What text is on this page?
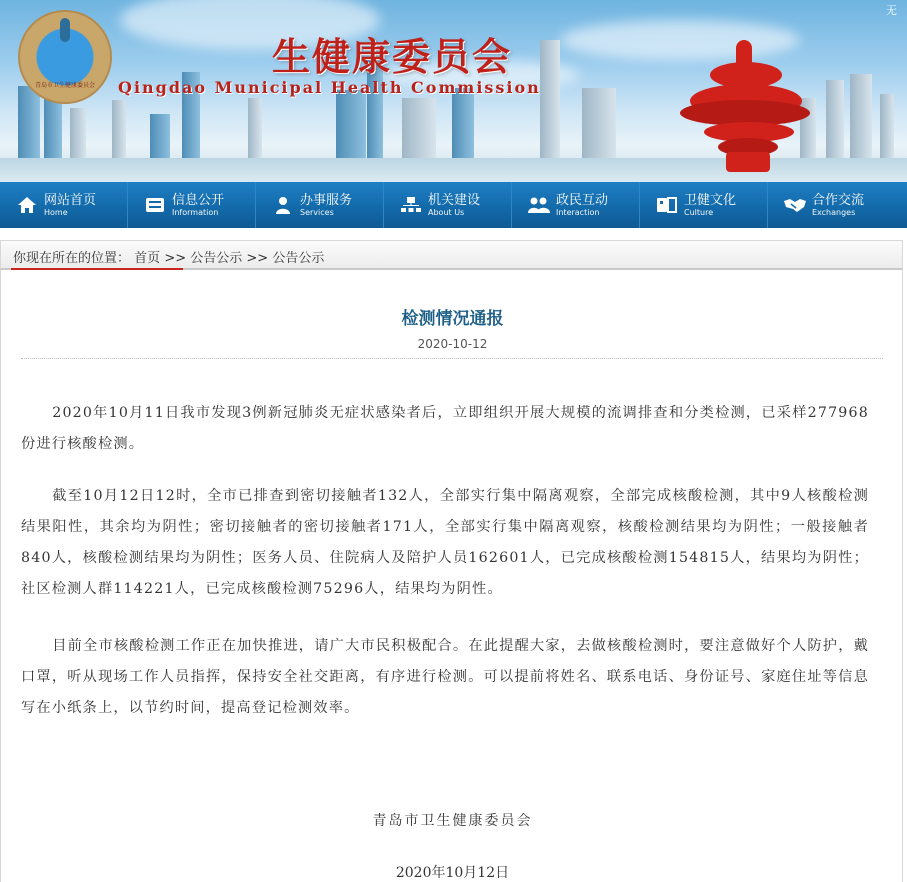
无
青岛市卫生健康委员会
生健康委员会
Qingdao Municipal Health Commission
网站首页
Home
信息公开
Information
办事服务
Services
机关建设
About Us
政民互动
Interaction
卫健文化
Culture
合作交流
Exchanges
你现在所在的位置： 首页 >> 公告公示 >> 公告公示
检测情况通报
2020-10-12

2020年10月11日我市发现3例新冠肺炎无症状感染者后，立即组织开展大规模的流调排查和分类检测，已采样277968份进行核酸检测。

截至10月12日12时，全市已排查到密切接触者132人，全部实行集中隔离观察，全部完成核酸检测，其中9人核酸检测结果阳性，其余均为阴性；密切接触者的密切接触者171人，全部实行集中隔离观察，核酸检测结果均为阴性；一般接触者840人，核酸检测结果均为阴性；医务人员、住院病人及陪护人员162601人，已完成核酸检测154815人，结果均为阴性；社区检测人群114221人，已完成核酸检测75296人，结果均为阴性。

目前全市核酸检测工作正在加快推进，请广大市民积极配合。在此提醒大家，去做核酸检测时，要注意做好个人防护，戴口罩，听从现场工作人员指挥，保持安全社交距离，有序进行检测。可以提前将姓名、联系电话、身份证号、家庭住址等信息写在小纸条上，以节约时间，提高登记检测效率。

青岛市卫生健康委员会
2020年10月12日
